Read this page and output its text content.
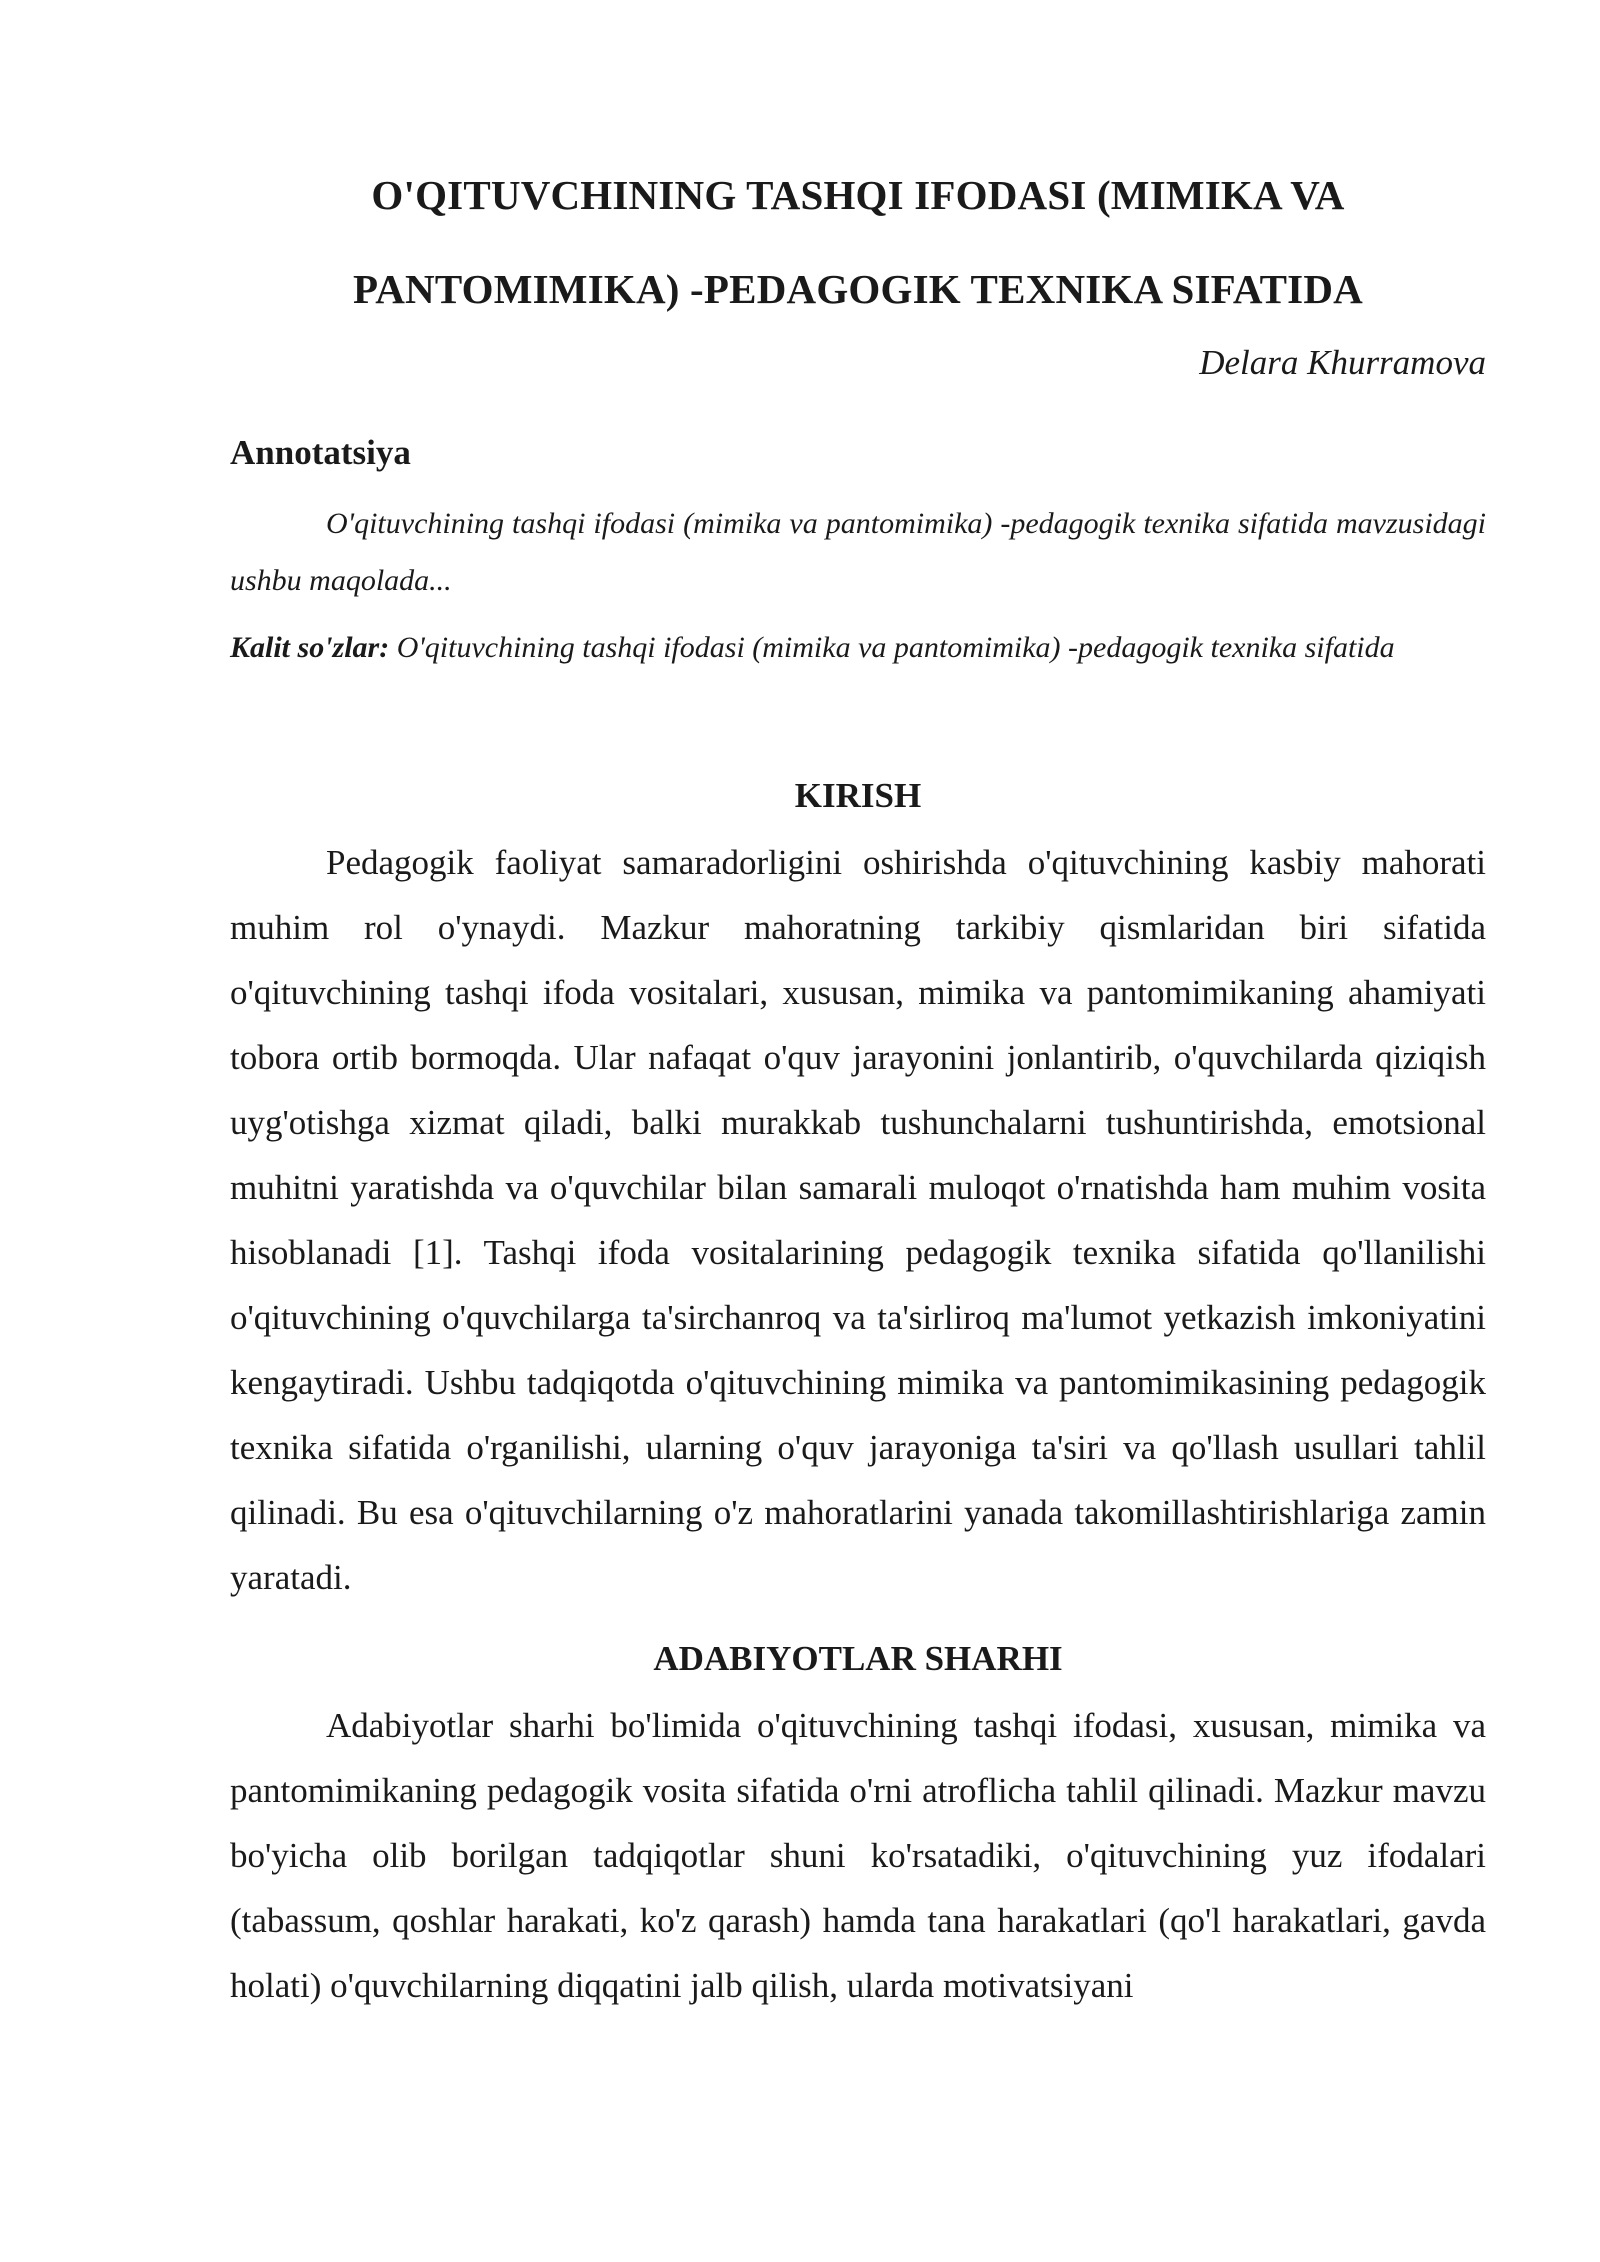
O'QITUVCHINING TASHQI IFODASI (MIMIKA VA
PANTOMIMIKA) -PEDAGOGIK TEXNIKA SIFATIDA
Delara Khurramova
Annotatsiya

O'qituvchining tashqi ifodasi (mimika va pantomimika) -pedagogik texnika sifatida mavzusidagi ushbu maqolada...

Kalit so'zlar: O'qituvchining tashqi ifodasi (mimika va pantomimika) -pedagogik texnika sifatida

KIRISH

Pedagogik faoliyat samaradorligini oshirishda o'qituvchining kasbiy mahorati muhim rol o'ynaydi. Mazkur mahoratning tarkibiy qismlaridan biri sifatida o'qituvchining tashqi ifoda vositalari, xususan, mimika va pantomimikaning ahamiyati tobora ortib bormoqda. Ular nafaqat o'quv jarayonini jonlantirib, o'quvchilarda qiziqish uyg'otishga xizmat qiladi, balki murakkab tushunchalarni tushuntirishda, emotsional muhitni yaratishda va o'quvchilar bilan samarali muloqot o'rnatishda ham muhim vosita hisoblanadi [1]. Tashqi ifoda vositalarining pedagogik texnika sifatida qo'llanilishi o'qituvchining o'quvchilarga ta'sirchanroq va ta'sirliroq ma'lumot yetkazish imkoniyatini kengaytiradi. Ushbu tadqiqotda o'qituvchining mimika va pantomimikasining pedagogik texnika sifatida o'rganilishi, ularning o'quv jarayoniga ta'siri va qo'llash usullari tahlil qilinadi. Bu esa o'qituvchilarning o'z mahoratlarini yanada takomillashtirishlariga zamin yaratadi.

ADABIYOTLAR SHARHI

Adabiyotlar sharhi bo'limida o'qituvchining tashqi ifodasi, xususan, mimika va pantomimikaning pedagogik vosita sifatida o'rni atroflicha tahlil qilinadi. Mazkur mavzu bo'yicha olib borilgan tadqiqotlar shuni ko'rsatadiki, o'qituvchining yuz ifodalari (tabassum, qoshlar harakati, ko'z qarash) hamda tana harakatlari (qo'l harakatlari, gavda holati) o'quvchilarning diqqatini jalb qilish, ularda motivatsiyani
